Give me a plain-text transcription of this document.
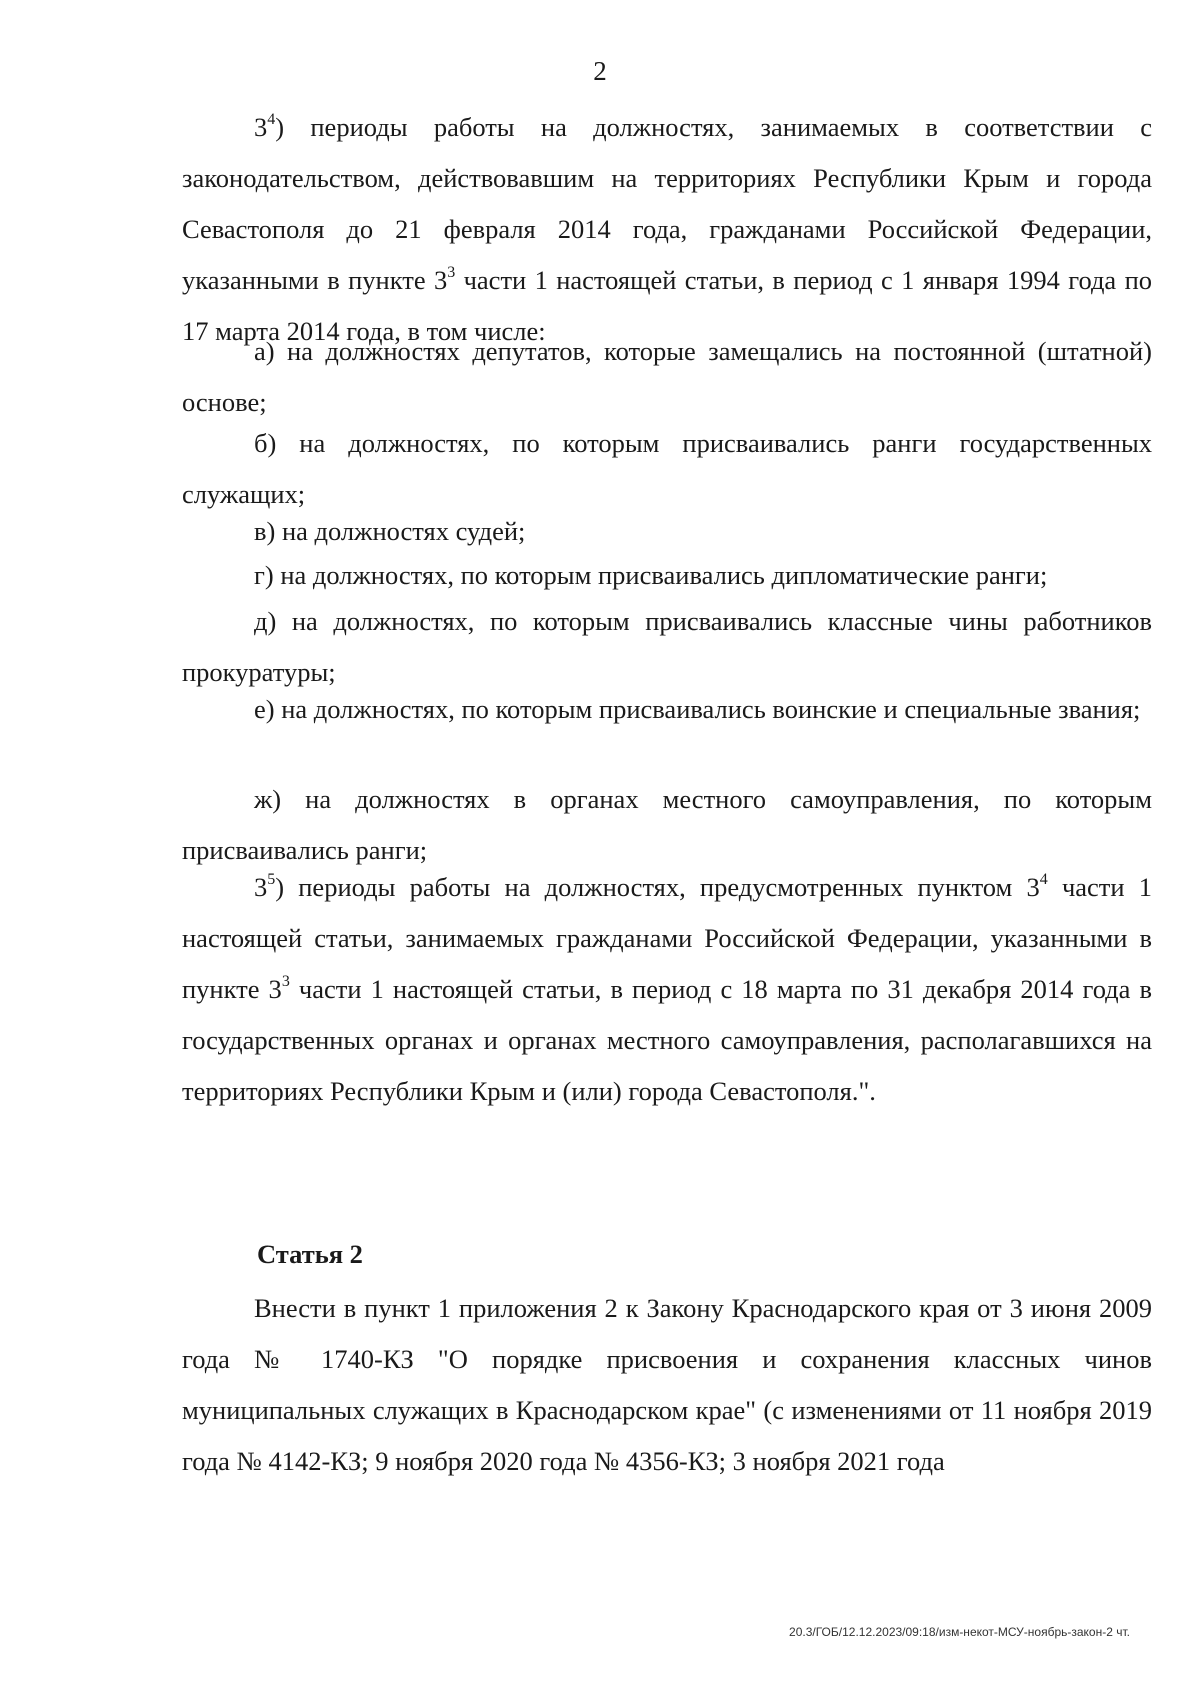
2

$3^4$) периоды работы на должностях, занимаемых в соответствии с законодательством, действовавшим на территориях Республики Крым и города Севастополя до 21 февраля 2014 года, гражданами Российской Федерации, указанными в пункте $3^3$ части 1 настоящей статьи, в период с 1 января 1994 года по 17 марта 2014 года, в том числе:

а) на должностях депутатов, которые замещались на постоянной (штатной) основе;

б) на должностях, по которым присваивались ранги государственных служащих;

в) на должностях судей;

г) на должностях, по которым присваивались дипломатические ранги;

д) на должностях, по которым присваивались классные чины работников прокуратуры;

е) на должностях, по которым присваивались воинские и специальные звания;

ж) на должностях в органах местного самоуправления, по которым присваивались ранги;

$3^5$) периоды работы на должностях, предусмотренных пунктом $3^4$ части 1 настоящей статьи, занимаемых гражданами Российской Федерации, указанными в пункте $3^3$ части 1 настоящей статьи, в период с 18 марта по 31 декабря 2014 года в государственных органах и органах местного самоуправления, располагавшихся на территориях Республики Крым и (или) города Севастополя.".

Статья 2

Внести в пункт 1 приложения 2 к Закону Краснодарского края от 3 июня 2009 года № 1740-КЗ "О порядке присвоения и сохранения классных чинов муниципальных служащих в Краснодарском крае" (с изменениями от 11 ноября 2019 года № 4142-КЗ; 9 ноября 2020 года № 4356-КЗ; 3 ноября 2021 года

20.3/ГОБ/12.12.2023/09:18/изм-некот-МСУ-ноябрь-закон-2 чт.
